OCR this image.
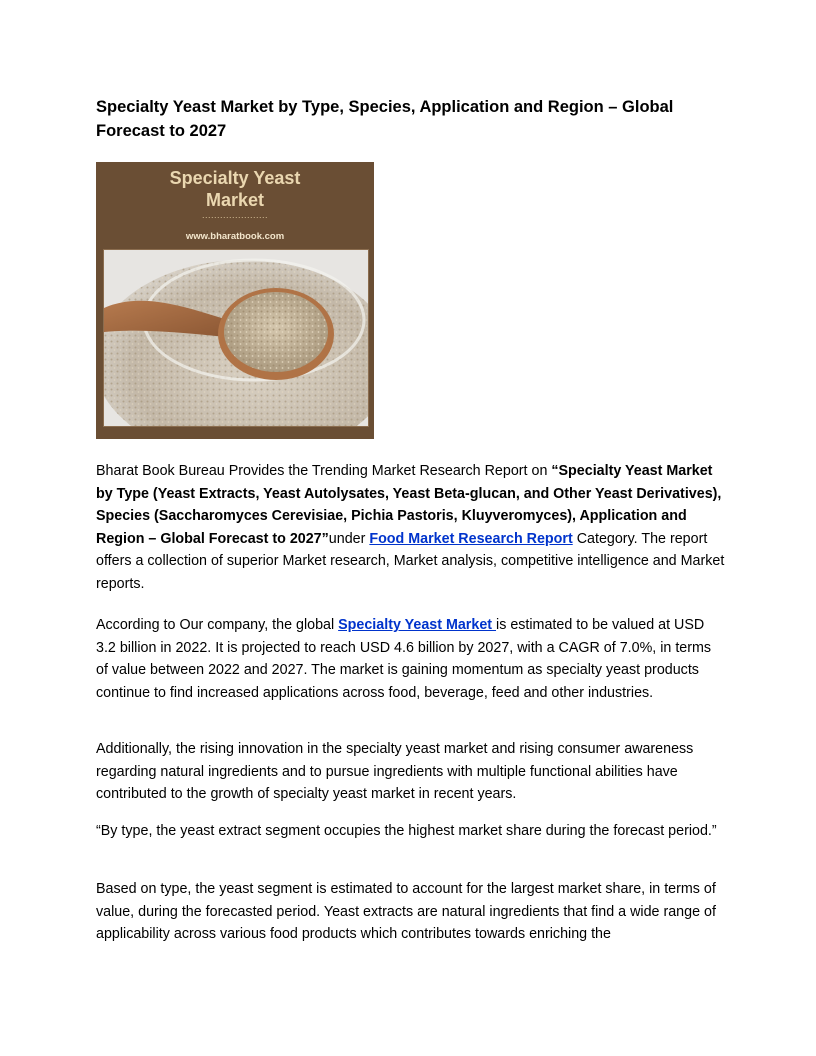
Specialty Yeast Market by Type, Species, Application and Region – Global Forecast to 2027
Specialty Yeast
Market
......................
www.bharatbook.com

Bharat Book Bureau Provides the Trending Market Research Report on “Specialty Yeast Market by Type (Yeast Extracts, Yeast Autolysates, Yeast Beta-glucan, and Other Yeast Derivatives), Species (Saccharomyces Cerevisiae, Pichia Pastoris, Kluyveromyces), Application and Region – Global Forecast to 2027”under Food Market Research Report Category. The report offers a collection of superior Market research, Market analysis, competitive intelligence and Market reports.

According to Our company, the global Specialty Yeast Market is estimated to be valued at USD 3.2 billion in 2022. It is projected to reach USD 4.6 billion by 2027, with a CAGR of 7.0%, in terms of value between 2022 and 2027. The market is gaining momentum as specialty yeast products continue to find increased applications across food, beverage, feed and other industries.

Additionally, the rising innovation in the specialty yeast market and rising consumer awareness regarding natural ingredients and to pursue ingredients with multiple functional abilities have contributed to the growth of specialty yeast market in recent years.

“By type, the yeast extract segment occupies the highest market share during the forecast period.”

Based on type, the yeast segment is estimated to account for the largest market share, in terms of value, during the forecasted period. Yeast extracts are natural ingredients that find a wide range of applicability across various food products which contributes towards enriching the
